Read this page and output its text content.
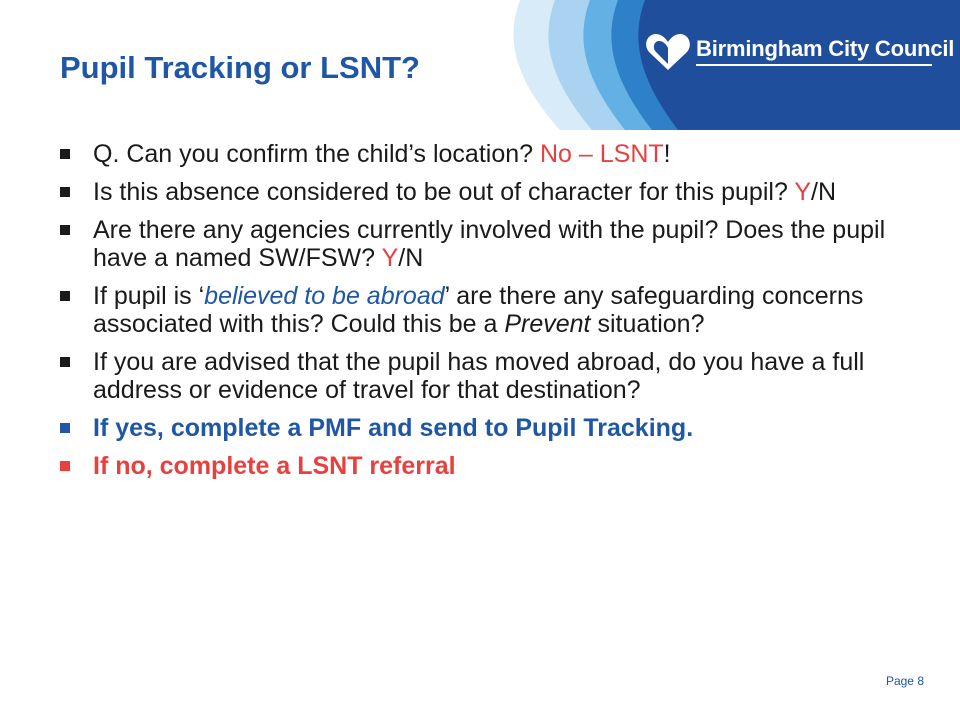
Pupil Tracking or LSNT?
Birmingham City Council
Q. Can you confirm the child’s location? No – LSNT!
Is this absence considered to be out of character for this pupil? Y/N
Are there any agencies currently involved with the pupil? Does the pupil have a named SW/FSW? Y/N
If pupil is ‘believed to be abroad’ are there any safeguarding concerns associated with this? Could this be a Prevent situation?
If you are advised that the pupil has moved abroad, do you have a full address or evidence of travel for that destination?
If yes, complete a PMF and send to Pupil Tracking.
If no, complete a LSNT referral
Page 8
